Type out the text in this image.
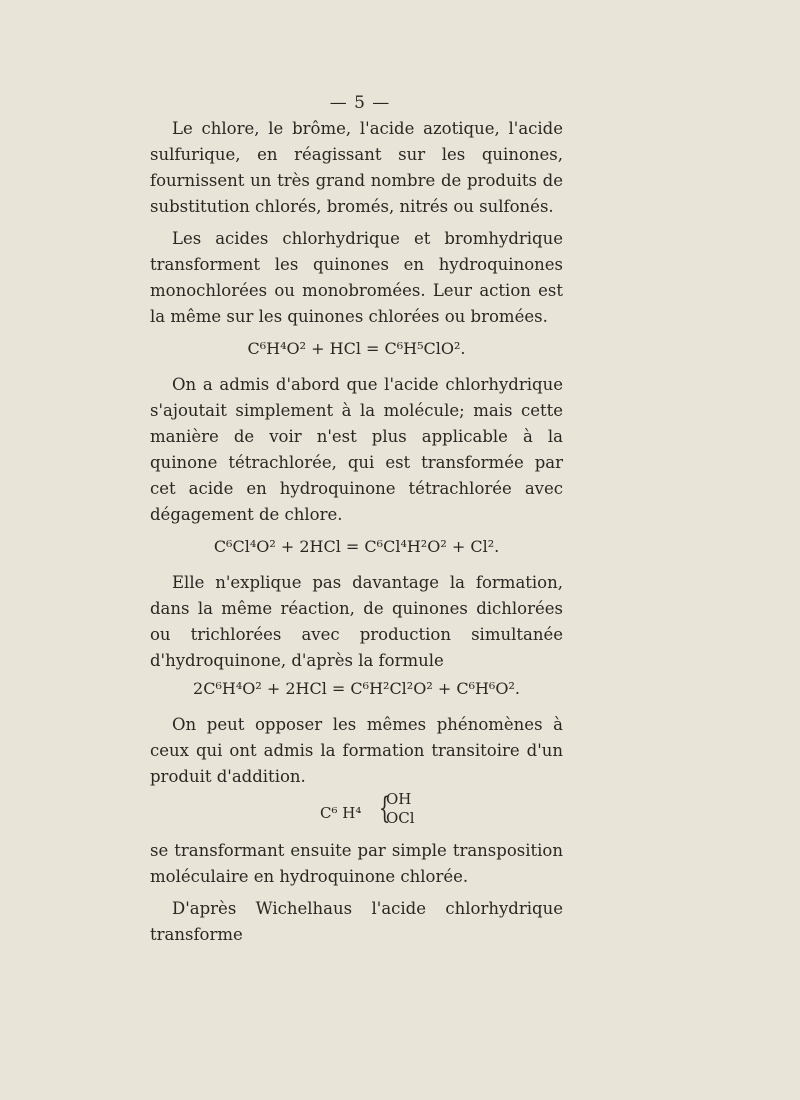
— 5 —

Le chlore, le brôme, l'acide azotique, l'acide sulfurique, en réagissant sur les quinones, fournissent un très grand nombre de produits de substitution chlorés, bromés, nitrés ou sulfonés.

Les acides chlorhydrique et bromhydrique transforment les quinones en hydroquinones monochlorées ou monobromées. Leur action est la même sur les quinones chlorées ou bromées.

C⁶H⁴O² + HCl = C⁶H⁵ClO².

On a admis d'abord que l'acide chlorhydrique s'ajoutait simplement à la molécule; mais cette manière de voir n'est plus applicable à la quinone tétrachlorée, qui est transformée par cet acide en hydroquinone tétrachlorée avec dégagement de chlore.

C⁶Cl⁴O² + 2HCl = C⁶Cl⁴H²O² + Cl².

Elle n'explique pas davantage la formation, dans la même réaction, de quinones dichlorées ou trichlorées avec production simultanée d'hydroquinone, d'après la formule

2C⁶H⁴O² + 2HCl = C⁶H²Cl²O² + C⁶H⁶O².

On peut opposer les mêmes phénomènes à ceux qui ont admis la formation transitoire d'un produit d'addition.

C⁶ H⁴ {
OH
OCl

se transformant ensuite par simple transposition moléculaire en hydroquinone chlorée.

D'après Wichelhaus l'acide chlorhydrique transforme
